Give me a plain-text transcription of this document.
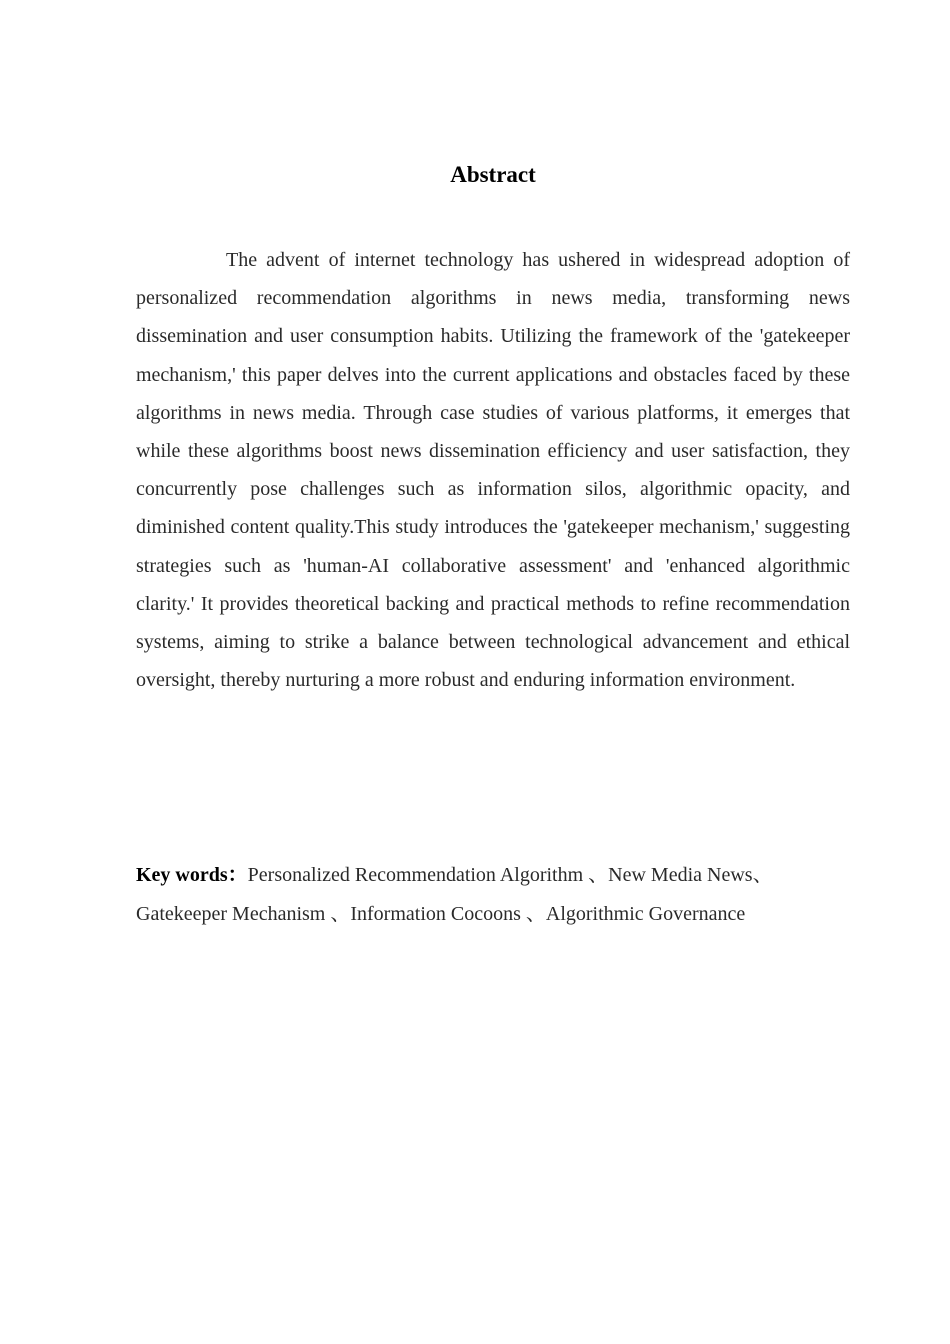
Abstract

The advent of internet technology has ushered in widespread adoption of personalized recommendation algorithms in news media, transforming news dissemination and user consumption habits. Utilizing the framework of the 'gatekeeper mechanism,' this paper delves into the current applications and obstacles faced by these algorithms in news media. Through case studies of various platforms, it emerges that while these algorithms boost news dissemination efficiency and user satisfaction, they concurrently pose challenges such as information silos, algorithmic opacity, and diminished content quality.This study introduces the 'gatekeeper mechanism,' suggesting strategies such as 'human-AI collaborative assessment' and 'enhanced algorithmic clarity.' It provides theoretical backing and practical methods to refine recommendation systems, aiming to strike a balance between technological advancement and ethical oversight, thereby nurturing a more robust and enduring information environment.

Key words：Personalized Recommendation Algorithm 、New Media News、 Gatekeeper Mechanism 、Information Cocoons 、Algorithmic Governance
